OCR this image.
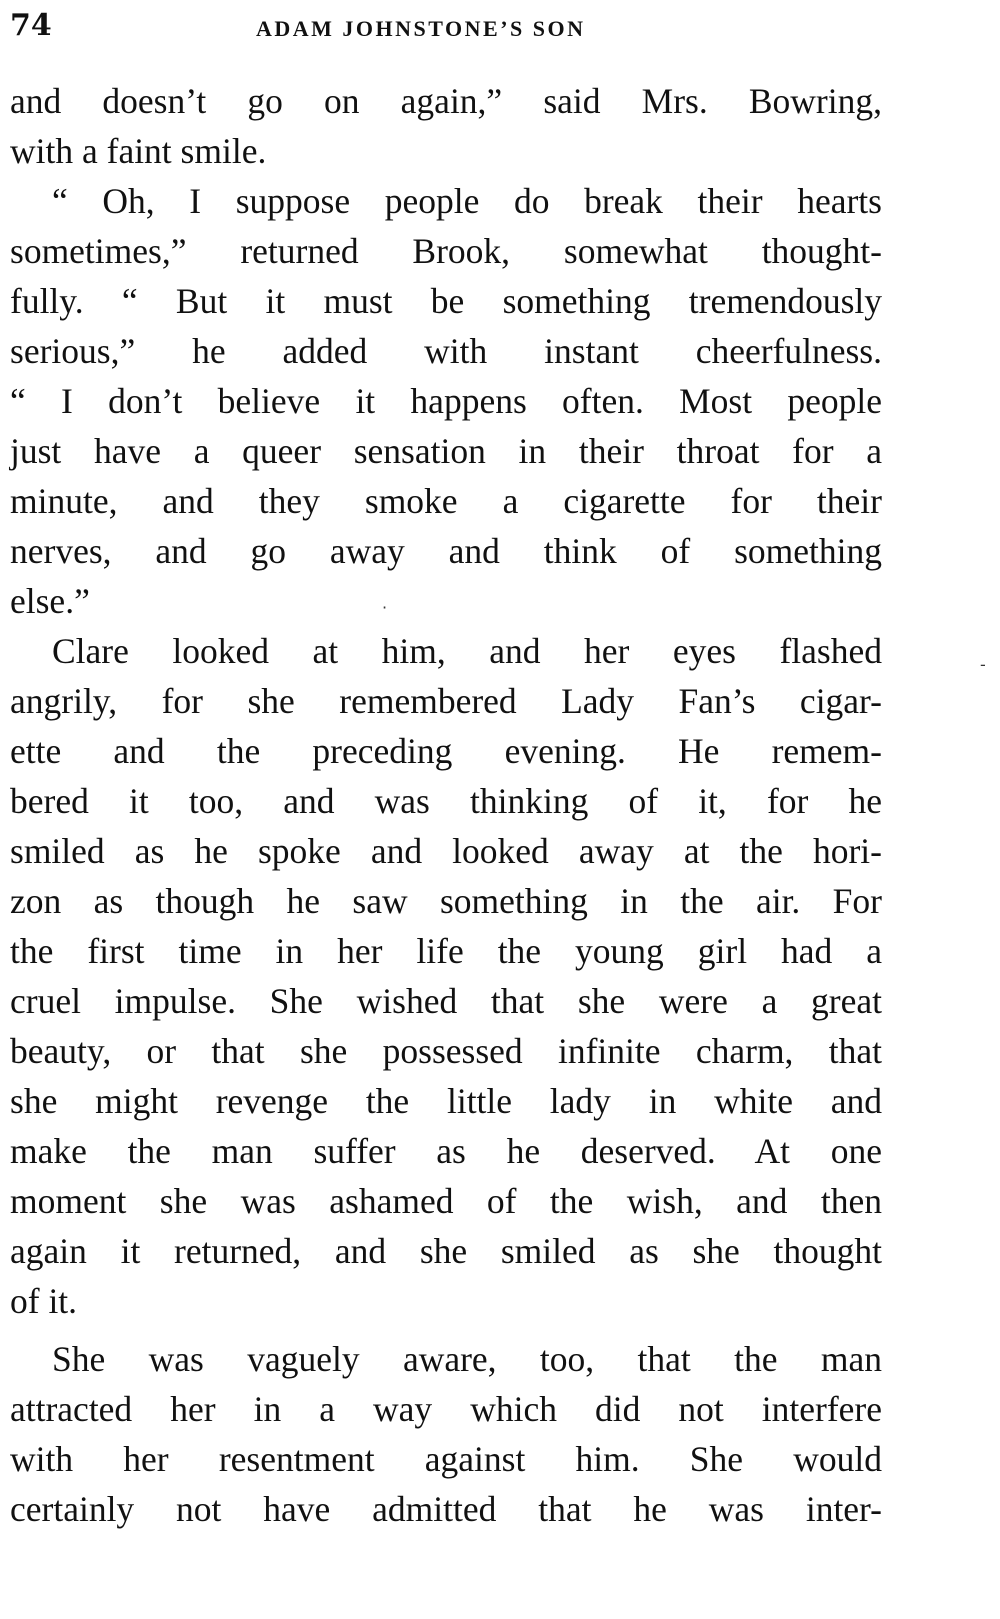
74	ADAM JOHNSTONE’S SON
and doesn’t go on again,” said Mrs. Bowring,
with a faint smile.
“ Oh, I suppose people do break their hearts
sometimes,” returned Brook, somewhat thought-
fully. “ But it must be something tremendously
serious,” he added with instant cheerfulness.
“ I don’t believe it happens often. Most people
just have a queer sensation in their throat for a
minute, and they smoke a cigarette for their
nerves, and go away and think of something
else.”
Clare looked at him, and her eyes flashed
angrily, for she remembered Lady Fan’s cigar-
ette and the preceding evening. He remem-
bered it too, and was thinking of it, for he
smiled as he spoke and looked away at the hori-
zon as though he saw something in the air. For
the first time in her life the young girl had a
cruel impulse. She wished that she were a great
beauty, or that she possessed infinite charm, that
she might revenge the little lady in white and
make the man suffer as he deserved. At one
moment she was ashamed of the wish, and then
again it returned, and she smiled as she thought
of it.
She was vaguely aware, too, that the man
attracted her in a way which did not interfere
with her resentment against him. She would
certainly not have admitted that he was inter-
-
·
